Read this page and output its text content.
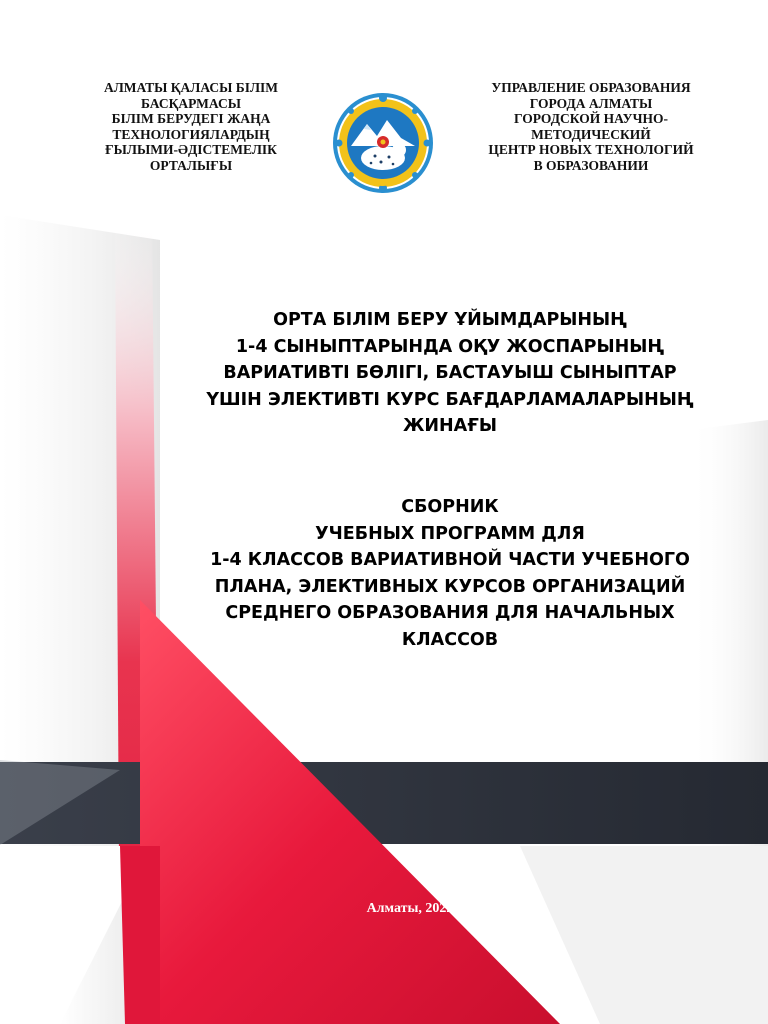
АЛМАТЫ ҚАЛАСЫ БІЛІМ
БАСҚАРМАСЫ
БІЛІМ БЕРУДЕГІ ЖАҢА
ТЕХНОЛОГИЯЛАРДЫҢ
ҒЫЛЫМИ-ӘДІСТЕМЕЛІК
ОРТАЛЫҒЫ
УПРАВЛЕНИЕ ОБРАЗОВАНИЯ
ГОРОДА АЛМАТЫ
ГОРОДСКОЙ НАУЧНО-
МЕТОДИЧЕСКИЙ
ЦЕНТР НОВЫХ ТЕХНОЛОГИЙ
В ОБРАЗОВАНИИ
ОРТА БІЛІМ БЕРУ ҰЙЫМДАРЫНЫҢ
1-4 СЫНЫПТАРЫНДА ОҚУ ЖОСПАРЫНЫҢ
ВАРИАТИВТІ БӨЛІГІ, БАСТАУЫШ СЫНЫПТАР
ҮШІН ЭЛЕКТИВТІ КУРС БАҒДАРЛАМАЛАРЫНЫҢ
ЖИНАҒЫ
СБОРНИК
УЧЕБНЫХ ПРОГРАММ ДЛЯ
1-4 КЛАССОВ ВАРИАТИВНОЙ ЧАСТИ УЧЕБНОГО
ПЛАНА, ЭЛЕКТИВНЫХ КУРСОВ ОРГАНИЗАЦИЙ
СРЕДНЕГО ОБРАЗОВАНИЯ ДЛЯ НАЧАЛЬНЫХ
КЛАССОВ
Алматы, 2022
